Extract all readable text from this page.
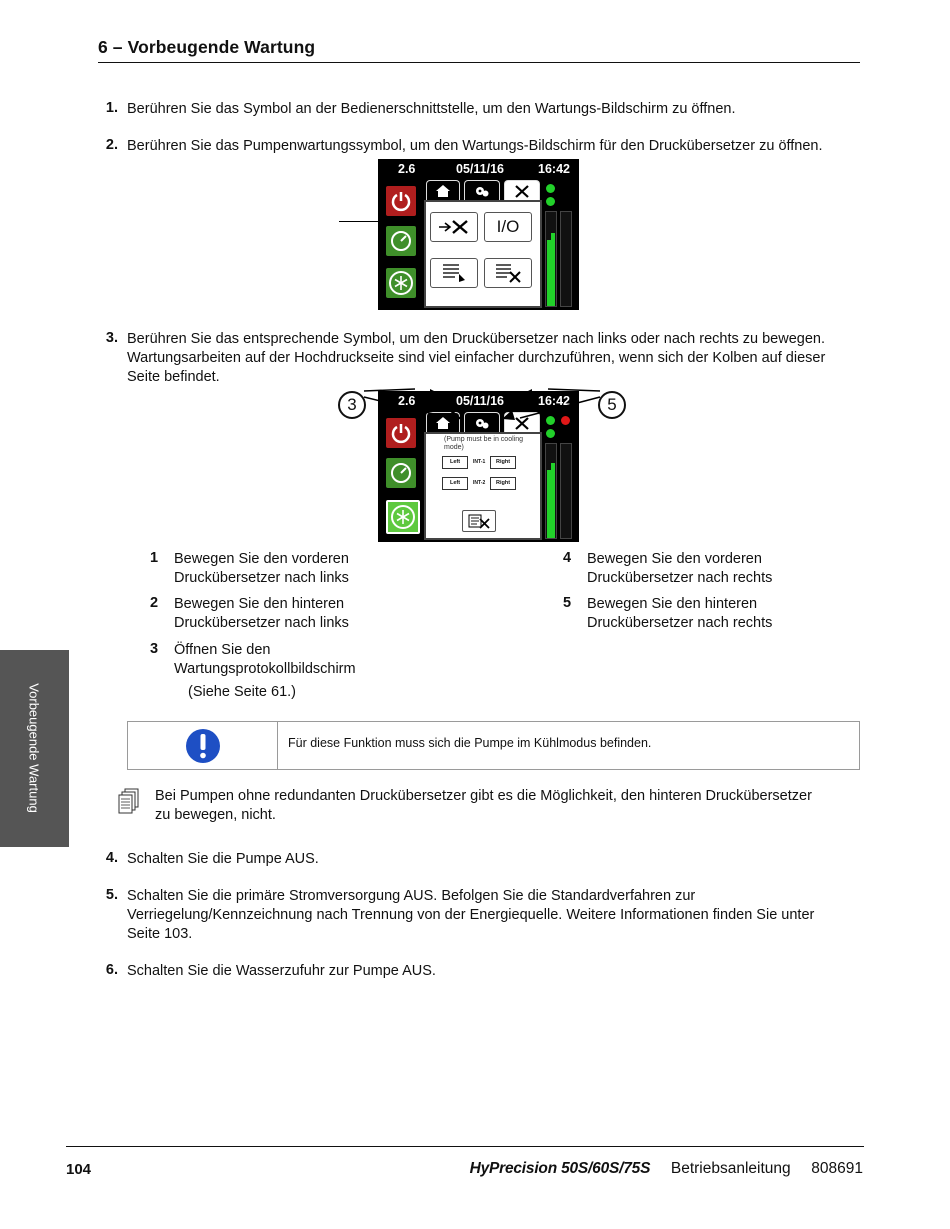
6 – Vorbeugende Wartung
1. Berühren Sie das Symbol an der Bedienerschnittstelle, um den Wartungs-Bildschirm zu öffnen.
2. Berühren Sie das Pumpenwartungssymbol, um den Wartungs-Bildschirm für den Druckübersetzer zu öffnen.
2.6	05/11/16	16:42
I/O
3. Berühren Sie das entsprechende Symbol, um den Druckübersetzer nach links oder nach rechts zu bewegen.
Wartungsarbeiten auf der Hochdruckseite sind viel einfacher durchzuführen, wenn sich der Kolben auf dieser
Seite befindet.
2.6	05/11/16	16:42
(Pump must be in cooling
mode)
Left	INT-1	Right
Left	INT-2	Right
3	5
1 Bewegen Sie den vorderen
Druckübersetzer nach links
2 Bewegen Sie den hinteren
Druckübersetzer nach links
3 Öffnen Sie den
Wartungsprotokollbildschirm
(Siehe Seite 61.)
4 Bewegen Sie den vorderen
Druckübersetzer nach rechts
5 Bewegen Sie den hinteren
Druckübersetzer nach rechts
Für diese Funktion muss sich die Pumpe im Kühlmodus befinden.
Bei Pumpen ohne redundanten Druckübersetzer gibt es die Möglichkeit, den hinteren Druckübersetzer
zu bewegen, nicht.
4. Schalten Sie die Pumpe AUS.
5. Schalten Sie die primäre Stromversorgung AUS. Befolgen Sie die Standardverfahren zur
Verriegelung/Kennzeichnung nach Trennung von der Energiequelle. Weitere Informationen finden Sie unter
Seite 103.
6. Schalten Sie die Wasserzufuhr zur Pumpe AUS.
Vorbeugende Wartung
104	HyPrecision 50S/60S/75S Betriebsanleitung 808691
